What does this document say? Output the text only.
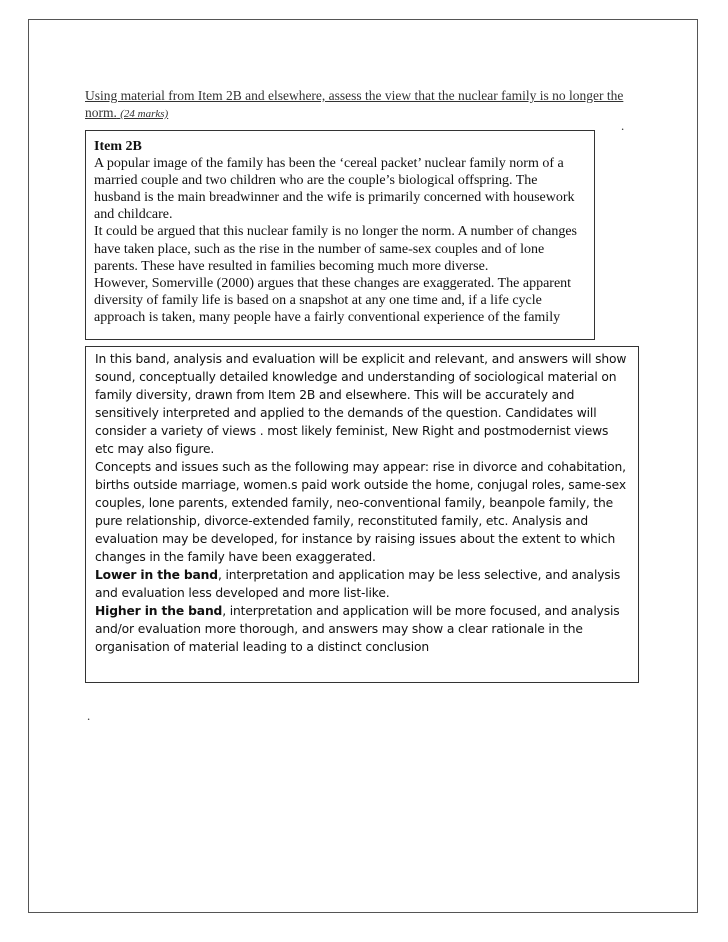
Using material from Item 2B and elsewhere, assess the view that the nuclear family is no longer the norm. (24 marks)
.
.
Item 2B

A popular image of the family has been the ‘cereal packet’ nuclear family norm of a married couple and two children who are the couple’s biological offspring. The husband is the main breadwinner and the wife is primarily concerned with housework and childcare.

It could be argued that this nuclear family is no longer the norm. A number of changes have taken place, such as the rise in the number of same-sex couples and of lone parents. These have resulted in families becoming much more diverse.

However, Somerville (2000) argues that these changes are exaggerated. The apparent diversity of family life is based on a snapshot at any one time and, if a life cycle approach is taken, many people have a fairly conventional experience of the family

In this band, analysis and evaluation will be explicit and relevant, and answers will show sound, conceptually detailed knowledge and understanding of sociological material on family diversity, drawn from Item 2B and elsewhere. This will be accurately and sensitively interpreted and applied to the demands of the question. Candidates will consider a variety of views . most likely feminist, New Right and postmodernist views etc may also figure.

Concepts and issues such as the following may appear: rise in divorce and cohabitation, births outside marriage, women.s paid work outside the home, conjugal roles, same-sex couples, lone parents, extended family, neo-conventional family, beanpole family, the pure relationship, divorce-extended family, reconstituted family, etc. Analysis and evaluation may be developed, for instance by raising issues about the extent to which changes in the family have been exaggerated.

Lower in the band, interpretation and application may be less selective, and analysis and evaluation less developed and more list-like.

Higher in the band, interpretation and application will be more focused, and analysis and/or evaluation more thorough, and answers may show a clear rationale in the organisation of material leading to a distinct conclusion
